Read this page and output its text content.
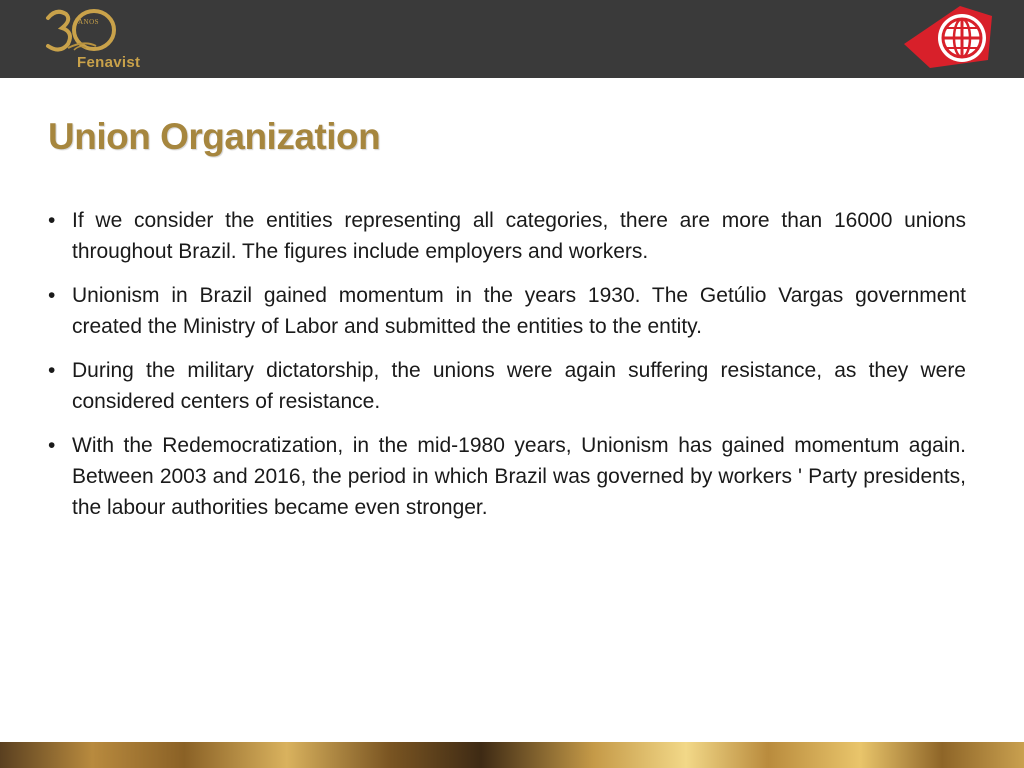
ANOS
Fenavist
Union Organization
• If we consider the entities representing all categories, there are more than 16000 unions throughout Brazil. The figures include employers and workers.
• Unionism in Brazil gained momentum in the years 1930. The Getúlio Vargas government created the Ministry of Labor and submitted the entities to the entity.
• During the military dictatorship, the unions were again suffering resistance, as they were considered centers of resistance.
• With the Redemocratization, in the mid-1980 years, Unionism has gained momentum again. Between 2003 and 2016, the period in which Brazil was governed by workers ' Party presidents, the labour authorities became even stronger.
